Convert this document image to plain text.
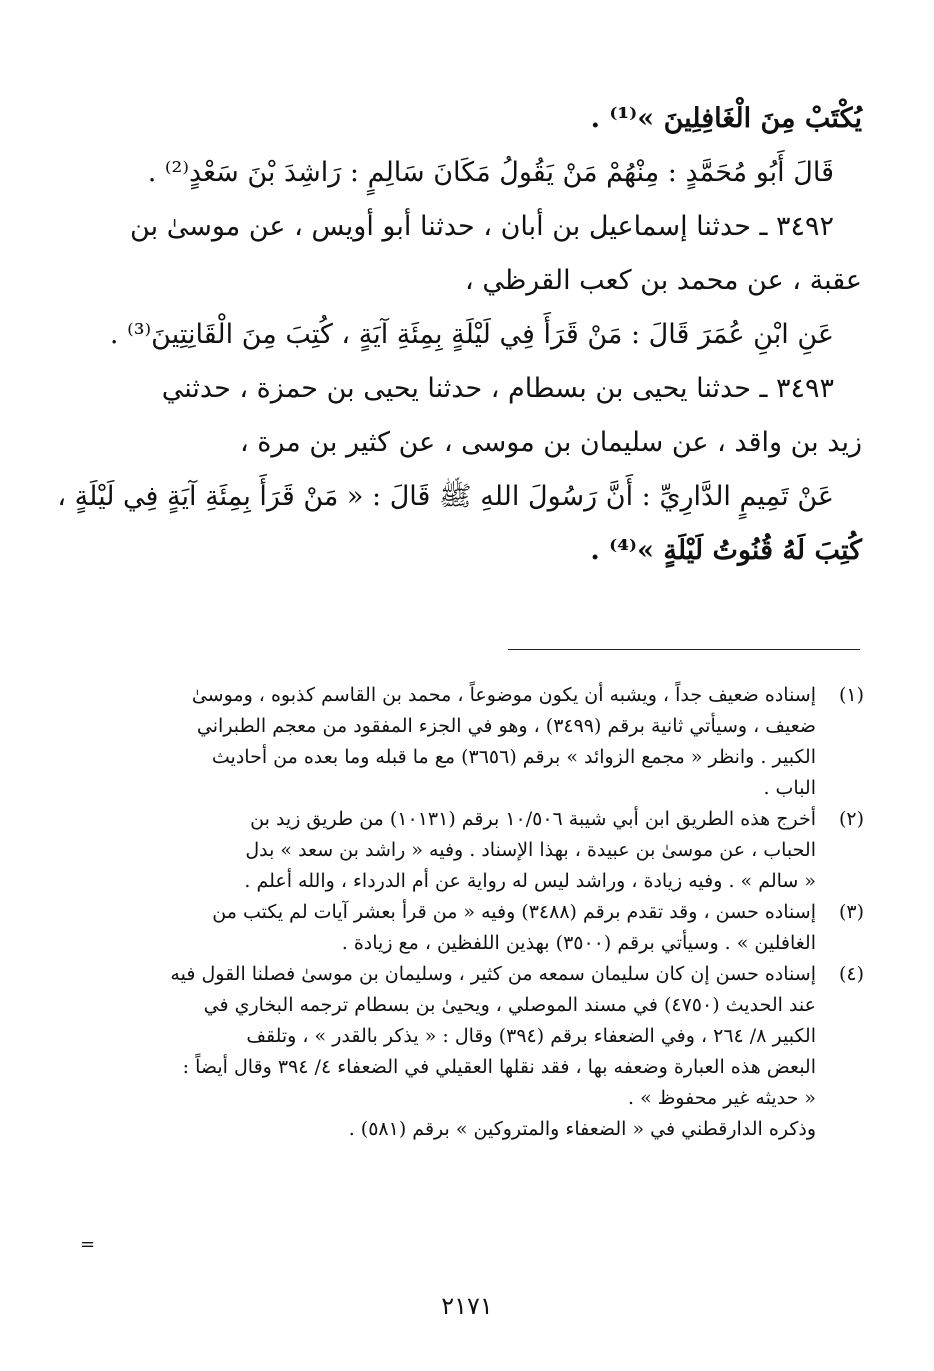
يُكْتَبْ مِنَ الْغَافِلِينَ »⁽¹⁾ .
قَالَ أَبُو مُحَمَّدٍ : مِنْهُمْ مَنْ يَقُولُ مَكَانَ سَالِمٍ : رَاشِدَ بْنَ سَعْدٍ⁽²⁾ .
٣٤٩٢ ـ حدثنا إسماعيل بن أبان ، حدثنا أبو أويس ، عن موسىٰ بن
عقبة ، عن محمد بن كعب القرظي ،
عَنِ ابْنِ عُمَرَ قَالَ : مَنْ قَرَأَ فِي لَيْلَةٍ بِمِئَةِ آيَةٍ ، كُتِبَ مِنَ الْقَانِتِينَ⁽³⁾ .
٣٤٩٣ ـ حدثنا يحيى بن بسطام ، حدثنا يحيى بن حمزة ، حدثني
زيد بن واقد ، عن سليمان بن موسى ، عن كثير بن مرة ،
عَنْ تَمِيمٍ الدَّارِيِّ : أَنَّ رَسُولَ اللهِ ﷺ قَالَ : « مَنْ قَرَأَ بِمِئَةِ آيَةٍ فِي لَيْلَةٍ ،
كُتِبَ لَهُ قُنُوتُ لَيْلَةٍ »⁽⁴⁾ .
(١)
إسناده ضعيف جداً ، ويشبه أن يكون موضوعاً ، محمد بن القاسم كذبوه ، وموسىٰ
ضعيف ، وسيأتي ثانية برقم (٣٤٩٩) ، وهو في الجزء المفقود من معجم الطبراني
الكبير . وانظر « مجمع الزوائد » برقم (٣٦٥٦) مع ما قبله وما بعده من أحاديث
الباب .
(٢)
أخرج هذه الطريق ابن أبي شيبة ١٠/٥٠٦ برقم (١٠١٣١) من طريق زيد بن
الحباب ، عن موسىٰ بن عبيدة ، بهذا الإسناد . وفيه « راشد بن سعد » بدل
« سالم » . وفيه زيادة ، وراشد ليس له رواية عن أم الدرداء ، والله أعلم .
(٣)
إسناده حسن ، وقد تقدم برقم (٣٤٨٨) وفيه « من قرأ بعشر آيات لم يكتب من
الغافلين » . وسيأتي برقم (٣٥٠٠) بهذين اللفظين ، مع زيادة .
(٤)
إسناده حسن إن كان سليمان سمعه من كثير ، وسليمان بن موسىٰ فصلنا القول فيه
عند الحديث (٤٧٥٠) في مسند الموصلي ، ويحيىٰ بن بسطام ترجمه البخاري في
الكبير ٨/ ٢٦٤ ، وفي الضعفاء برقم (٣٩٤) وقال : « يذكر بالقدر » ، وتلقف
البعض هذه العبارة وضعفه بها ، فقد نقلها العقيلي في الضعفاء ٤/ ٣٩٤ وقال أيضاً :
« حديثه غير محفوظ » .
وذكره الدارقطني في « الضعفاء والمتروكين » برقم (٥٨١) .
=
٢١٧١
